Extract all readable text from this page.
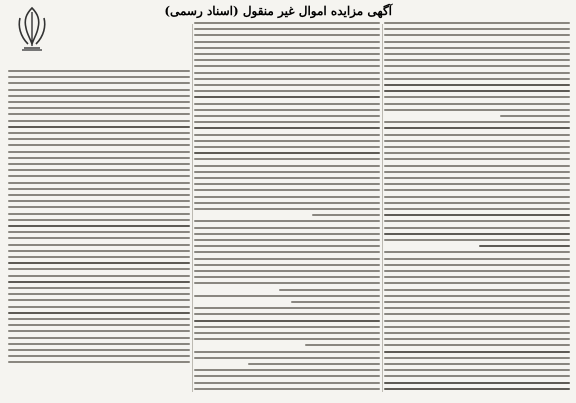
آگهی مزایده اموال غیر منقول (اسناد رسمی)
